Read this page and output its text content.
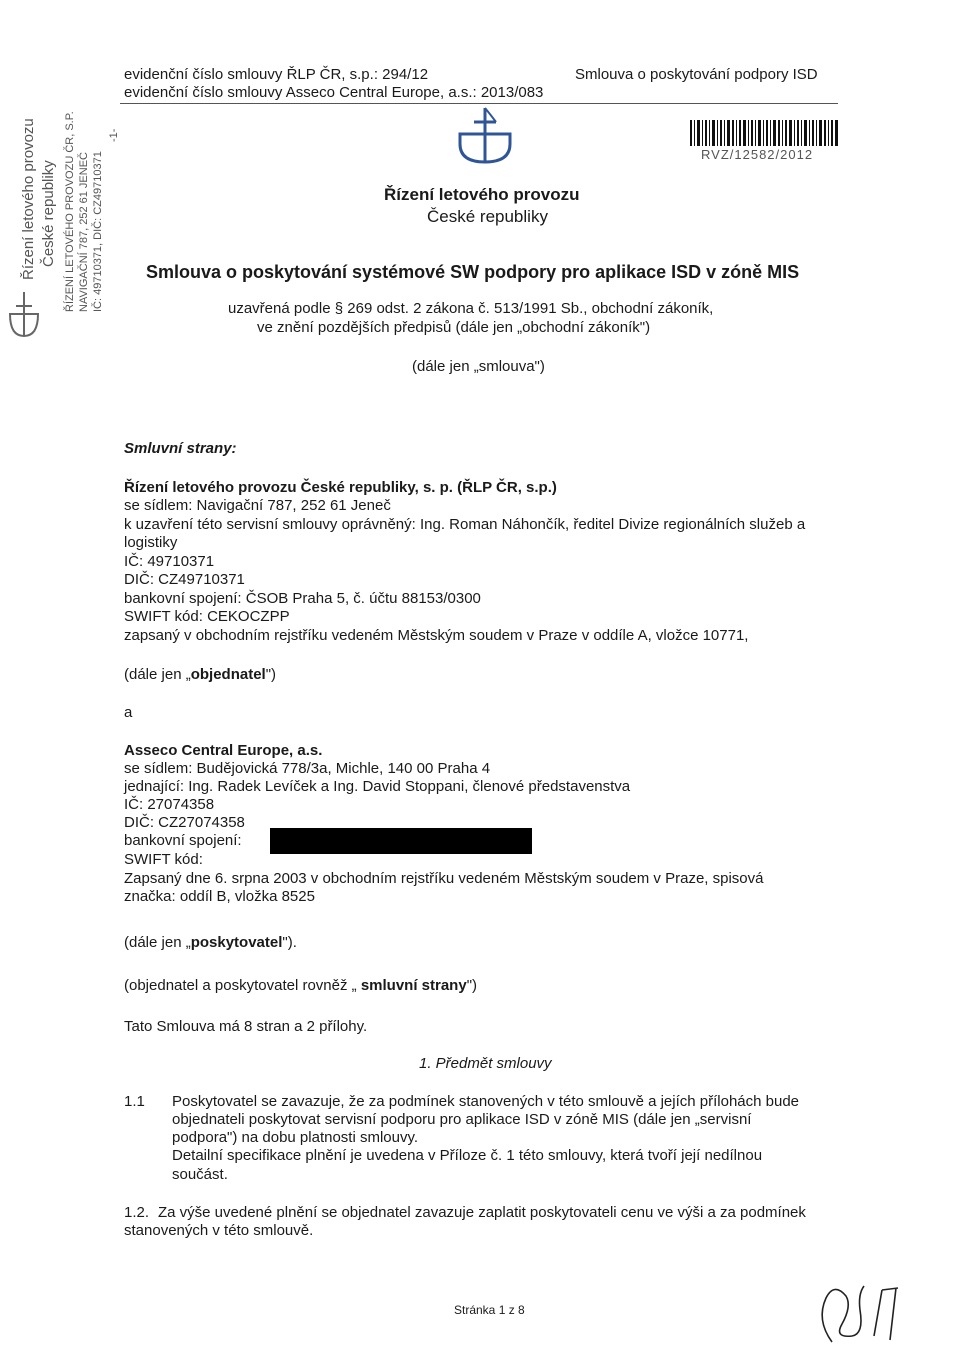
evidenční číslo smlouvy ŘLP ČR, s.p.: 294/12
evidenční číslo smlouvy Asseco Central Europe, a.s.: 2013/083
Smlouva o poskytování podpory ISD
Řízení letového provozu České republiky ŘÍZENÍ LETOVÉHO PROVOZU ČR, S.P. NAVIGAČNÍ 787, 252 61 JENEČ IČ: 49710371, DIČ: CZ49710371
-1-
Řízení letového provozu
České republiky
RVZ/12582/2012
Smlouva o poskytování systémové SW podpory pro aplikace ISD v zóně MIS
uzavřená podle § 269 odst. 2 zákona č. 513/1991 Sb., obchodní zákoník,
ve znění pozdějších předpisů (dále jen „obchodní zákoník")
(dále jen „smlouva")
Smluvní strany:
Řízení letového provozu České republiky, s. p. (ŘLP ČR, s.p.)
se sídlem: Navigační 787, 252 61 Jeneč
k uzavření této servisní smlouvy oprávněný: Ing. Roman Náhončík, ředitel Divize regionálních služeb a
logistiky
IČ: 49710371
DIČ: CZ49710371
bankovní spojení: ČSOB Praha 5, č. účtu 88153/0300
SWIFT kód: CEKOCZPP
zapsaný v obchodním rejstříku vedeném Městským soudem v Praze v oddíle A, vložce 10771,
(dále jen „objednatel")
a
Asseco Central Europe, a.s.
se sídlem: Budějovická 778/3a, Michle, 140 00 Praha 4
jednající: Ing. Radek Levíček a Ing. David Stoppani, členové představenstva
IČ: 27074358
DIČ: CZ27074358
bankovní spojení:
SWIFT kód:
Zapsaný dne 6. srpna 2003 v obchodním rejstříku vedeném Městským soudem v Praze, spisová
značka: oddíl B, vložka 8525
(dále jen „poskytovatel").
(objednatel a poskytovatel rovněž „ smluvní strany")
Tato Smlouva má 8 stran a 2 přílohy.
1. Předmět smlouvy
1.1 Poskytovatel se zavazuje, že za podmínek stanovených v této smlouvě a jejích přílohách bude
objednateli poskytovat servisní podporu pro aplikace ISD v zóně MIS (dále jen „servisní
podpora") na dobu platnosti smlouvy.
Detailní specifikace plnění je uvedena v Příloze č. 1 této smlouvy, která tvoří její nedílnou
součást.
1.2. Za výše uvedené plnění se objednatel zavazuje zaplatit poskytovateli cenu ve výši a za podmínek
stanovených v této smlouvě.
Stránka 1 z 8
